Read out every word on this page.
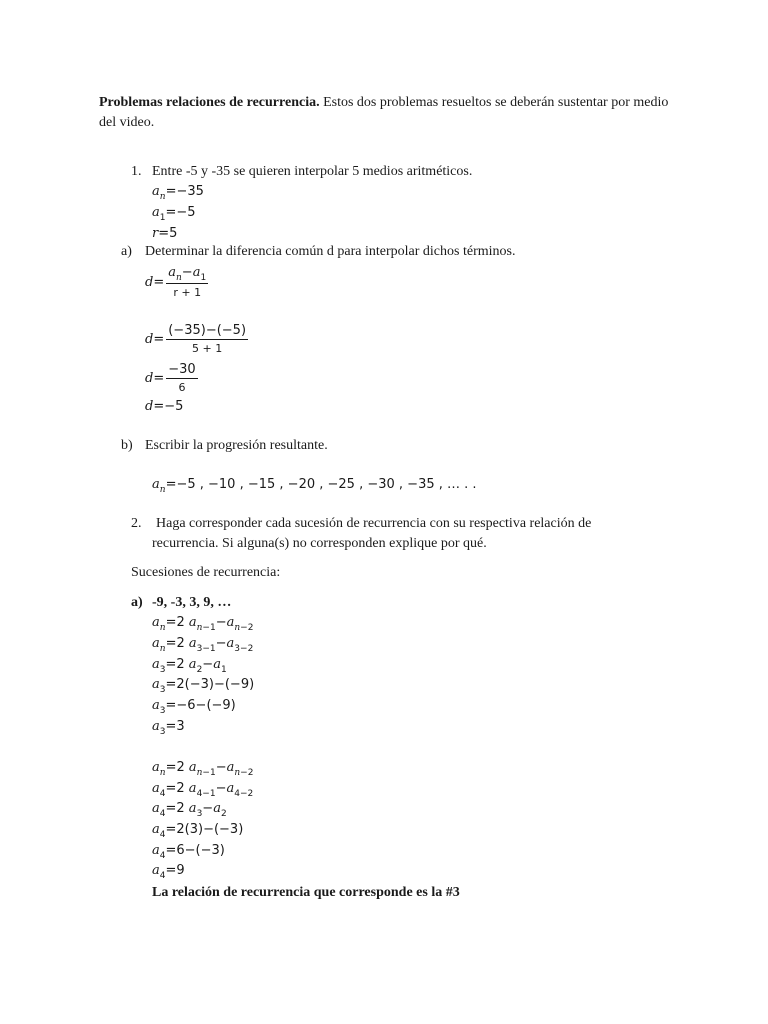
Problemas relaciones de recurrencia. Estos dos problemas resueltos se deberán sustentar por medio del video.
1. Entre -5 y -35 se quieren interpolar 5 medios aritméticos.
$a_n=-35$
$a_1=-5$
r=5
a) Determinar la diferencia común d para interpolar dichos términos.
$d= \frac{a_n-a_1}{r + 1}$
$d= \frac{(-35)-(-5)}{5 + 1}$
$d= \frac{-30}{6}$
d=−5
b) Escribir la progresión resultante.
$a_n=-5$ , −10 , −15 , −20 , −25 , −30 , −35 , … . .
2. Haga corresponder cada sucesión de recurrencia con su respectiva relación de
recurrencia. Si alguna(s) no corresponden explique por qué.
Sucesiones de recurrencia:
a) -9, -3, 3, 9, …
$a_n=2$ $a_{n-1}-a_{n-2}$
$a_n=2$ $a_{3-1}-a_{3-2}$
$a_3=2$ $a_2-a_1$
$a_3=2(-3)-(-9)$
$a_3=-6-(-9)$
$a_3=3$
$a_n=2$ $a_{n-1}-a_{n-2}$
$a_4=2$ $a_{4-1}-a_{4-2}$
$a_4=2$ $a_3-a_2$
$a_4=2(3)-(-3)$
$a_4=6-(-3)$
$a_4=9$
La relación de recurrencia que corresponde es la #3
